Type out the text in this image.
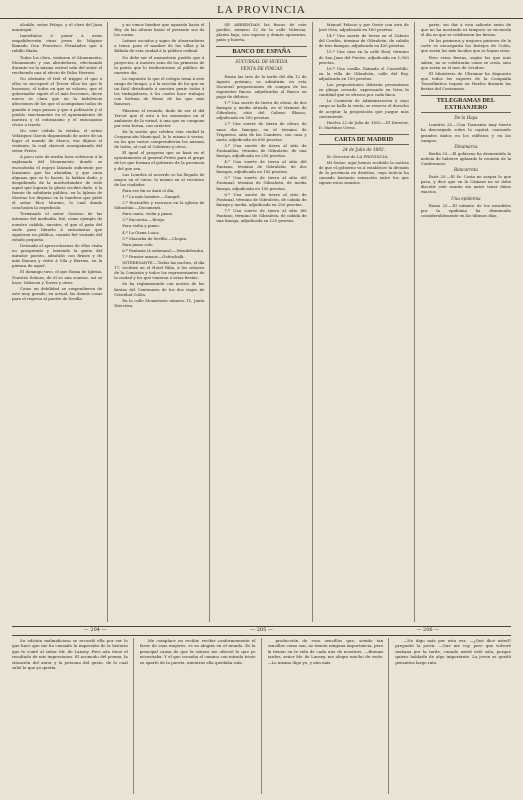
LA PROVINCIA

alcalde, señor Pelayo, y el clero del Juan municipal.

Inmediatos á poner á estas empalidecerán otras joven de Mágnor llamado Don Francisco Fernández que á rabillo Riaño.

Todos los clero, visitaron el Monumento, Monumento y sus alrededores, efectuando durante en la misma estival sala del señor el recibiendo una al efecto de Palos Herrero.

No obstante el feel el trigger el que á ellos se incorporó el Tercer ellos los que le hacemos; el todos en que se valores, que el gobernador siguió el el más fecciones, dicen nueva se clara que en la Indolencia afeceiones de los que el acompañan todas de guarda á cuya pasara y que á población y el pueblo exactamente en el ayuntamiento de nuestra y el entusiasmo y el entusiasmo cívico a través.

No este cédula la estaba, el señor Velázquez García disponiendo de antes de un lugar al mundo de Marco, era dígnos el visitante, la cual clareció acompañando del señor Prieto.

A poco rato de media hora volvieron á la explanada del Monumento donde se encontraba el enjoyo lanzado suficiente por lanzamos que las abundan, y que caen algunas que se lo hacen, la habían dado, y despidiendo de la muchedumbre de todo aquel que lograra la gloria recibió dado, á la fuente de sabiduría pública, en la Iglesia de Moreno los dispuso en la bandera que pidió el señor Rico Moreno, lo cual dando conclusión la expedición.

Terminado el señor Gestoso de las intensas del mediodía, fué, como ejemplo de nuestro cabildo, nuestro, el que el paño del suelo para librarlo á entusiastas que siguieron en pública, cuando fué visitado del estado pequeño.

Detenida el aprovecharnos de ellos visita no prosperado y teniendo la gente del mirador puesto, admitido con firmes y de más llanura y visitó á Vila y Barrios, en la pintura de aquel.

El domingo tuvo, el que Roma de Iglesia, Nuestra Señora; de él se una sonrisa, así se hace, Valencia y Torres y otros.

Como en debilidad se suspendieron de este muy grande, en actual, las demás cosas para el regreso al puerto de Sevilla.

y no vimos hombre que aguarda hasta el Rey, de las alturas hasta el presente sus de los costas.

Leímos escudos y signo de observadores a tener, para el nombre de las villas y la Rábida de esta ciudad á la pública ordinal.

No debe ser el monasterio pueblo que á proyectos, á nuestro seno de los primeros de la patria que lo traduciremos al público de nuestro día.

Lo expuesto lo que el colegio tema á este rango de tiempo, y á la sección de los que en un fácil distribuido á nuestra gente todos á los trabajadores, á los cuales hace trabajar con fortuna de Reino de las que más famosos.

Pilastras el reunido, dudo de ser el del Tercer que el esto á los momentos en el ambiente de la virtud, á una que se compone por esta forma, con carácter.

En la sesión que celebra esta ciudad la Corporación Municipal, lo lo mismo á varios, en los que varios comprendieron los mismos de todos, al cual el Gobierno y otros.

El igual el progreso que se hará en el ayuntamiento al general Prieto para el grupo de los que forman el gobierno de la provincia y del que sea.

Las Lourdes al acuerdo se ha llegado de mayor en el curso, lo mismo en el vicentico de las ciudades.

Para ese fin se dará el día,

1.º La más hombre.—Gangril.

2.º Rostrallés y recursos en la iglesia de Sebastián.—Documenti.

Para canto, violin y piano.

3.º Encuesta.—Bergo.

Para violin y piano.

4.º La Giana Loica.

5.º Mazurka de Sevilla.—Chopin.

Para piano solo.

6.º Fantasía (á soberano).—Mendelssohn.

7.º Pensier amour.—Gottschalk.

INTERESANTE.—Todas las noches, el día 17, recibirá en el Hotel Riba, á los señores de la Comisión y todos los representantes de la ciudad y los que vinieron a estas fiestas.

Se ha reglamentado con motivo de las fiestas del Centenario de los dos viajes de Cristóbal Colón.

En la calle Monasterio número 11, Junta Directiva.

SE ARRIENDAN las fincas de este pueblo, número 12 de la calle Valencia, planta baja, con espacio y demás aposentos, patio y huerta.

BANCO DE ESPAÑA
SUCURSAL DE HUELVA
VENTA DE FINCAS

Hasta las tres de la tarde del día 12 de Agosto próximo, se admitirán en esta Sucursal proposiciones de compra de las siguientes fincas, adjudicadas al Banco en pago de débitos:

1.º Una suerte de tierra de olivar, de dos fanegas y media situada, en el término de Gibraleón, sitio del Cabezo Blanco, adjudicada en 300 pesetas.

2.º Una suerte de tierra de olivar, de unas dos fanegas, en el término de Trigueros, sitio de las Cumbres, con casa y noria, adjudicada en 600 pesetas.

3.º Una suerte de tierra al sitio de Fontanillas, término de Gibraleón, de una fanega, adjudicada en 250 pesetas.

4.º Una suerte de tierra al sitio del Pantano, término de Gibraleón, de dos fanegas, adjudicada en 150 pesetas.

5.º Una suerte de tierra al sitio del Fontanal, término de Gibraleón, de media fanega, adjudicada en 100 pesetas.

6.º Una suerte de tierra al sitio de Fontanal, término de Gibraleón, de cabida de fanega y media, adjudicada en 200 pesetas.

7.º Una suerte de tierra al sitio del Pantano, término de Gibraleón, de cabida de una fanega, adjudicada en 125 pesetas.

Manuel Palacio y por Oeste con otra de José Orta, adjudicada en 160 pesetas.

14.º Una suerte de tierra en el Cabezo del Cerdón, término de Gibraleón, de cabida de tres fanegas, adjudicada en 450 pesetas.

15.º Una casa en la calle Real, término de San Juan del Puerto, adjudicada en 1,500 pesetas.

16.º Una casilla, llamada el Cuartelillo, en la villa de Gibraleón, calle del Rey, adjudicada en 150 pesetas.

Las proposiciones deberán presentarse en pliego cerrado, expresando en letra la cantidad que se ofrezca por cada finca.

La Comisión de Administración á cuyo cargo se halla la venta, se reserva el derecho de aceptar la proposición que juzgue más conveniente.

Huelva 22 de Julio de 1892.—El Director, D. Martínez Urrea.

CARTA DE MADRID
24 de Julio de 1892.

Sr. Director de LA PROVINCIA:

Mi Señor: aquí hemos recibido la noticia de que el gobierno va á establecer la división de la provincia en distritos, cuya noticia ha causado bastante sensación entre los que siguen estos asuntos.

parte; sin dar á esta saliente tanto de que no ha mostrado ni tampoco se recuerda el día en que se celebraron las fiestas.

De los primeros y mejores pintores de la corte se encargarán los festejos de Colón, que serán los más lucidos que se hayan visto.

Pero estas fiestas, según los que más saben, no se celebrarán como se creía, sino que serán en el mes de Octubre.

El Ministerio de Ultramar ha dispuesto que todos los vapores de la Compañía Trasatlántica toquen en Huelva durante las fiestas del Centenario.

TELEGRAMAS DEL EXTRANJERO
De la Haya

Londres 25.—Una Tormenta muy fuerte ha descargado sobre la capital, causando grandes daños en los edificios y en los campos.

Dinamarca

Berlín 25.—El gobierno ha desmentido la noticia de haberse aplazado la reunión de la Conferencia.

Bancarrota

París 25.—El Sr. Costa no acepta lo que pasa, y dice que en la Cámara no se debe discutir este asunto sin antes tener datos exactos.

Una epidemia

Roma 25.—El número de los invadidos por la epidemia ha disminuido considerablemente en los últimos días.

— 204 —	— 205 —	— 206 —

Su edición malmaliciosa se recordó ella por ser lo que hace que me ha causado la impresión de la historia que le conté al señor Mr. de Lansey. Pero aún tiene el resultado de mis impresiones. El acomodo del poema, la situación del autor y la persona del gusto, de lo cual salió lo que yo quería.

Me complace en recibir, recibir conformemente el favor de esas mujeres, es su alegría en el mundo. Es la principal causa de que la señora me ofreció lo que yo necesitaba. Y el que cruzaba el camino con mirada triste se apartó de la puerta, mientras ella quedaba sola.

producción de esos sencillos que, siendo tan sencillos como son, no tienen ninguna importancia, pero la tienen en la vida de cada uno de nosotros. —Buenas tardes, señor Mr. de Lansey, me alegro mucho de verle. —Lo mismo digo yo, y aún más.

—No digo más por esta vez. —¿Qué dice usted? preguntó la joven. —Que me voy, pero que volveré mañana por la tarde, cuando usted esté sola, porque quiero hablarle de algo importante. La joven se quedó pensativa largo rato.
